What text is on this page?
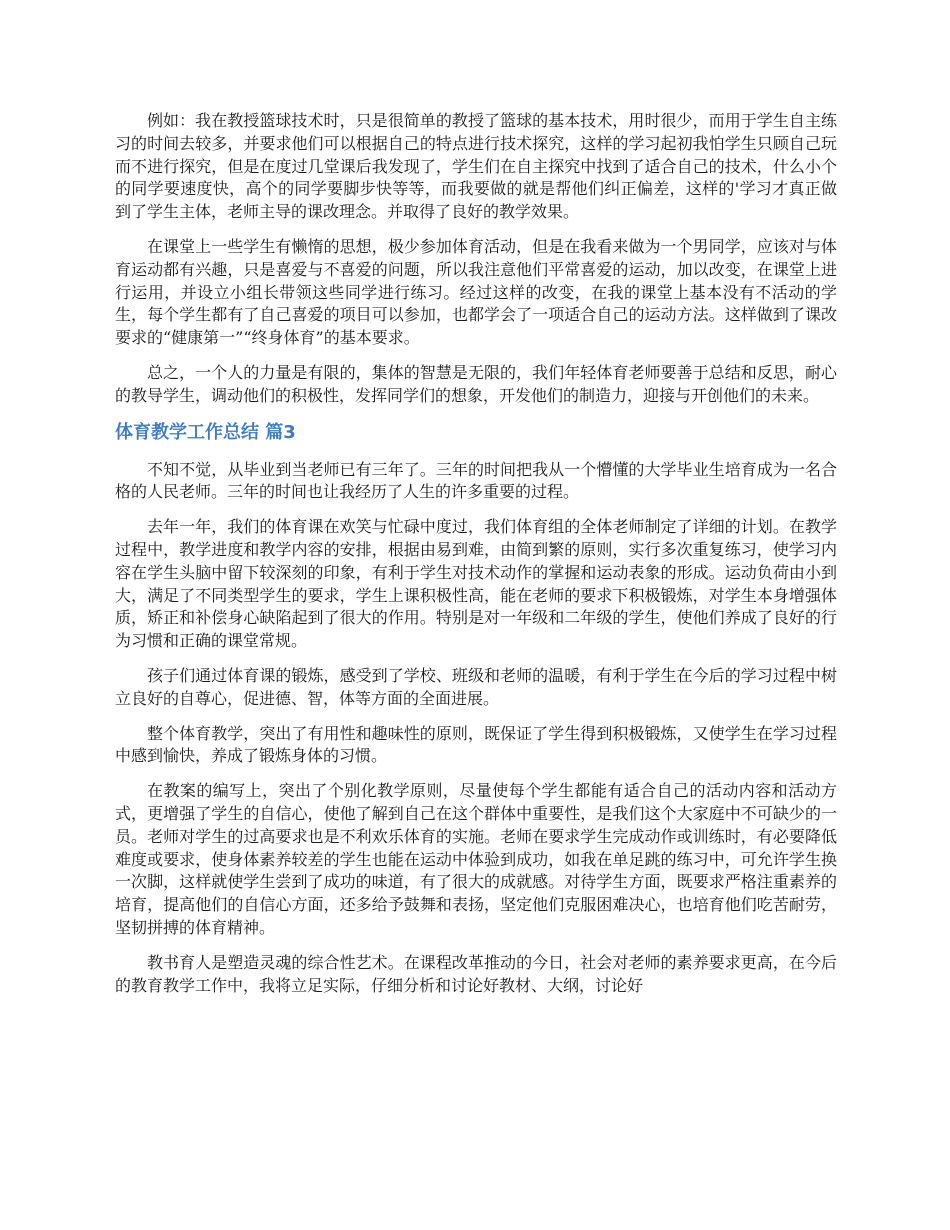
例如：我在教授篮球技术时，只是很简单的教授了篮球的基本技术，用时很少，而用于学生自主练习的时间去较多，并要求他们可以根据自己的特点进行技术探究，这样的学习起初我怕学生只顾自己玩而不进行探究，但是在度过几堂课后我发现了，学生们在自主探究中找到了适合自己的技术，什么小个的同学要速度快，高个的同学要脚步快等等，而我要做的就是帮他们纠正偏差，这样的'学习才真正做到了学生主体，老师主导的课改理念。并取得了良好的教学效果。

在课堂上一些学生有懒惰的思想，极少参加体育活动，但是在我看来做为一个男同学，应该对与体育运动都有兴趣，只是喜爱与不喜爱的问题，所以我注意他们平常喜爱的运动，加以改变，在课堂上进行运用，并设立小组长带领这些同学进行练习。经过这样的改变，在我的课堂上基本没有不活动的学生，每个学生都有了自己喜爱的项目可以参加，也都学会了一项适合自己的运动方法。这样做到了课改要求的“健康第一”“终身体育”的基本要求。

总之，一个人的力量是有限的，集体的智慧是无限的，我们年轻体育老师要善于总结和反思，耐心的教导学生，调动他们的积极性，发挥同学们的想象，开发他们的制造力，迎接与开创他们的未来。

体育教学工作总结 篇3

不知不觉，从毕业到当老师已有三年了。三年的时间把我从一个懵懂的大学毕业生培育成为一名合格的人民老师。三年的时间也让我经历了人生的许多重要的过程。

去年一年，我们的体育课在欢笑与忙碌中度过，我们体育组的全体老师制定了详细的计划。在教学过程中，教学进度和教学内容的安排，根据由易到难，由简到繁的原则，实行多次重复练习，使学习内容在学生头脑中留下较深刻的印象，有利于学生对技术动作的掌握和运动表象的形成。运动负荷由小到大，满足了不同类型学生的要求，学生上课积极性高，能在老师的要求下积极锻炼，对学生本身增强体质，矫正和补偿身心缺陷起到了很大的作用。特别是对一年级和二年级的学生，使他们养成了良好的行为习惯和正确的课堂常规。

孩子们通过体育课的锻炼，感受到了学校、班级和老师的温暖，有利于学生在今后的学习过程中树立良好的自尊心，促进德、智，体等方面的全面进展。

整个体育教学，突出了有用性和趣味性的原则，既保证了学生得到积极锻炼，又使学生在学习过程中感到愉快，养成了锻炼身体的习惯。

在教案的编写上，突出了个别化教学原则，尽量使每个学生都能有适合自己的活动内容和活动方式，更增强了学生的自信心，使他了解到自己在这个群体中重要性，是我们这个大家庭中不可缺少的一员。老师对学生的过高要求也是不利欢乐体育的实施。老师在要求学生完成动作或训练时，有必要降低难度或要求，使身体素养较差的学生也能在运动中体验到成功，如我在单足跳的练习中，可允许学生换一次脚，这样就使学生尝到了成功的味道，有了很大的成就感。对待学生方面，既要求严格注重素养的培育，提高他们的自信心方面，还多给予鼓舞和表扬，坚定他们克服困难决心，也培育他们吃苦耐劳，坚韧拼搏的体育精神。

教书育人是塑造灵魂的综合性艺术。在课程改革推动的今日，社会对老师的素养要求更高，在今后的教育教学工作中，我将立足实际，仔细分析和讨论好教材、大纲，讨论好
